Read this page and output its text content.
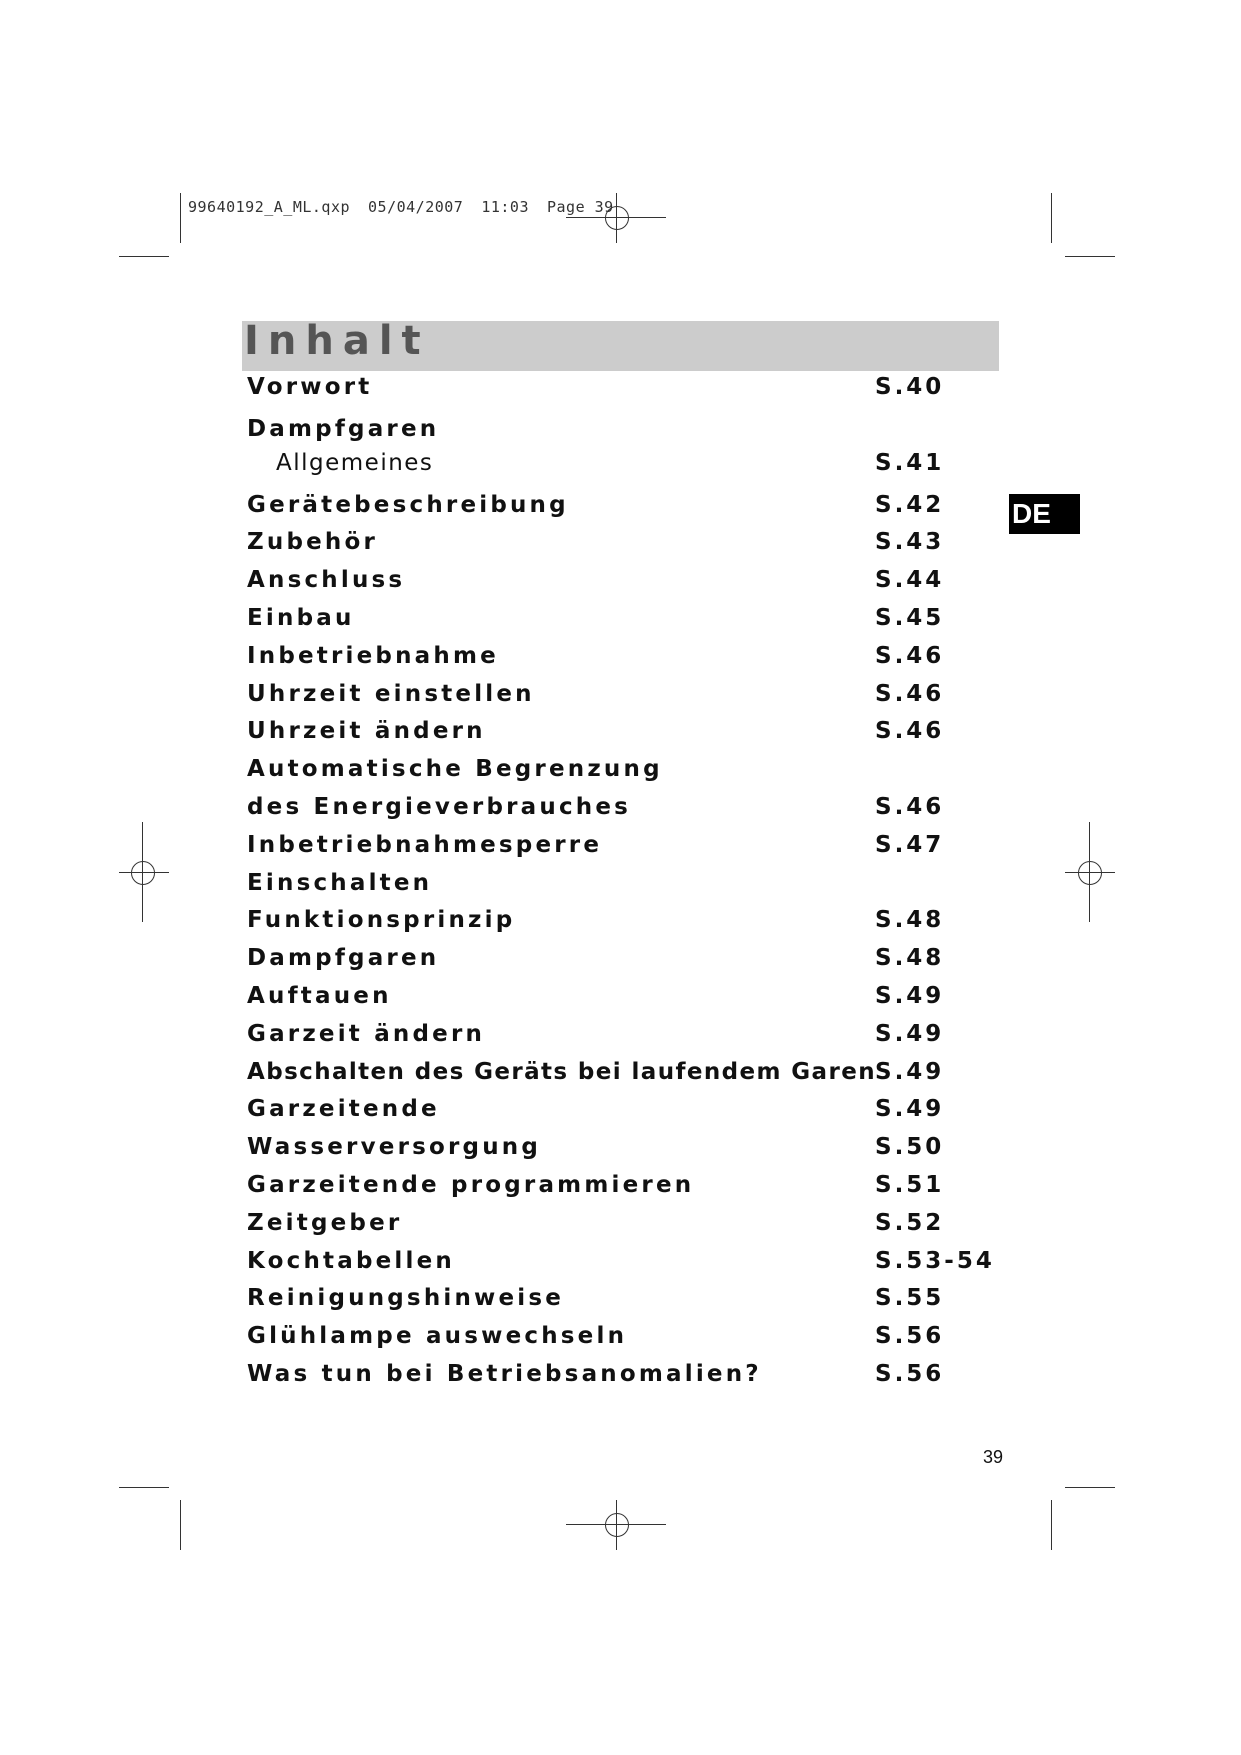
99640192_A_ML.qxp 05/04/2007 11:03 Page 39
Inhalt
DE
Vorwort	S.40
Dampfgaren
Allgemeines	S.41
Gerätebeschreibung	S.42
Zubehör	S.43
Anschluss	S.44
Einbau	S.45
Inbetriebnahme	S.46
Uhrzeit einstellen	S.46
Uhrzeit ändern	S.46
Automatische Begrenzung
des Energieverbrauches	S.46
Inbetriebnahmesperre	S.47
Einschalten
Funktionsprinzip	S.48
Dampfgaren	S.48
Auftauen	S.49
Garzeit ändern	S.49
Abschalten des Geräts bei laufendem Garen S.49
Garzeitende	S.49
Wasserversorgung	S.50
Garzeitende programmieren	S.51
Zeitgeber	S.52
Kochtabellen	S.53-54
Reinigungshinweise	S.55
Glühlampe auswechseln	S.56
Was tun bei Betriebsanomalien?	S.56
39
